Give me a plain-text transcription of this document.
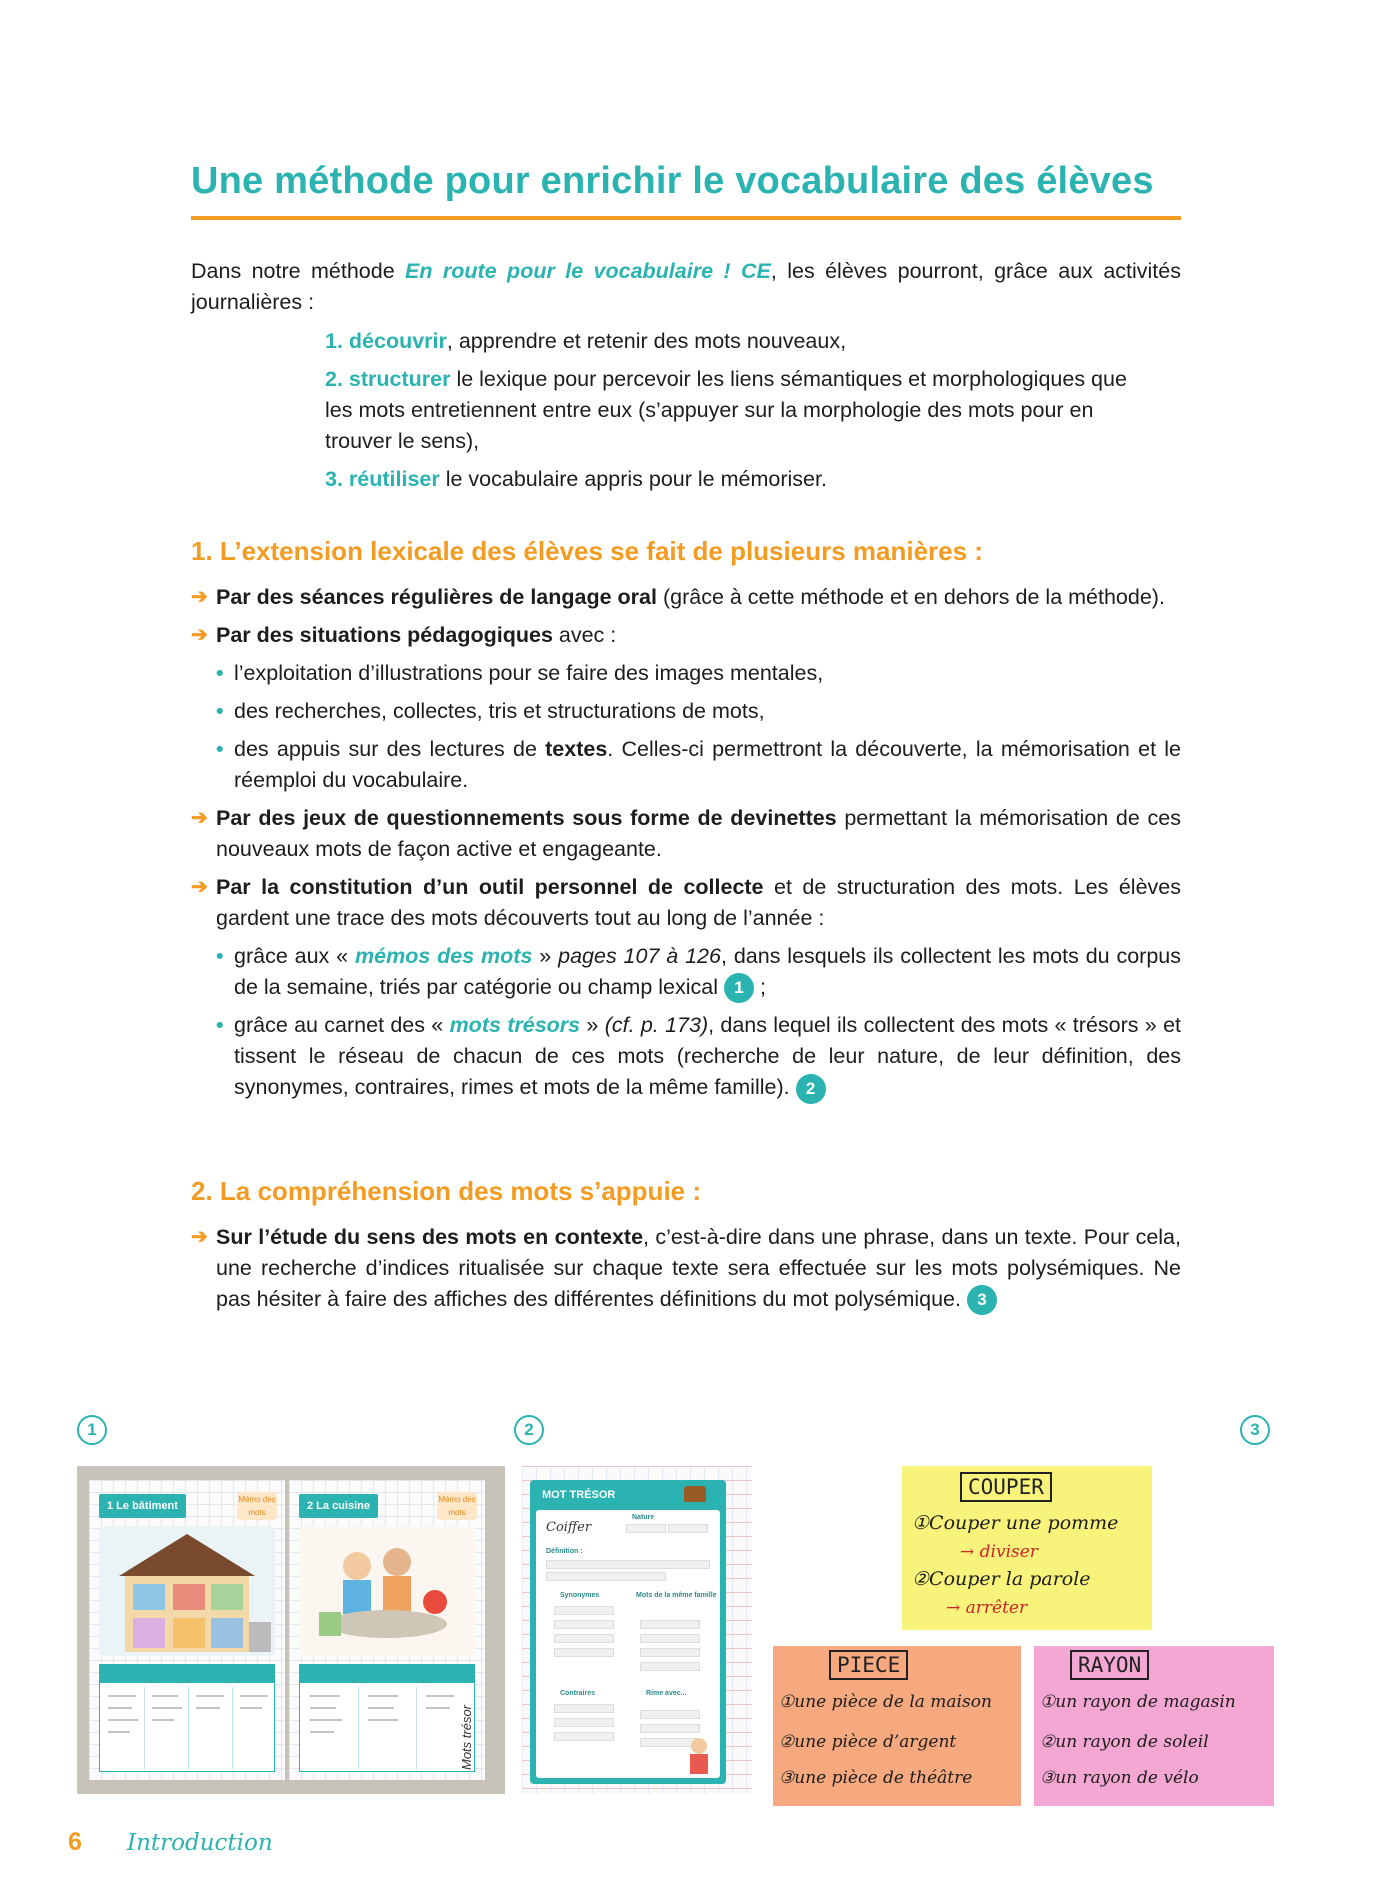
Une méthode pour enrichir le vocabulaire des élèves

Dans notre méthode En route pour le vocabulaire ! CE, les élèves pourront, grâce aux activités journalières :

1. découvrir, apprendre et retenir des mots nouveaux,

2. structurer le lexique pour percevoir les liens sémantiques et morphologiques que les mots entretiennent entre eux (s’appuyer sur la morphologie des mots pour en trouver le sens),

3. réutiliser le vocabulaire appris pour le mémoriser.

1. L’extension lexicale des élèves se fait de plusieurs manières :
➔ Par des séances régulières de langage oral (grâce à cette méthode et en dehors de la méthode).
➔ Par des situations pédagogiques avec :
• l’exploitation d’illustrations pour se faire des images mentales,
• des recherches, collectes, tris et structurations de mots,
• des appuis sur des lectures de textes. Celles-ci permettront la découverte, la mémorisation et le réemploi du vocabulaire.
➔ Par des jeux de questionnements sous forme de devinettes permettant la mémorisation de ces nouveaux mots de façon active et engageante.
➔ Par la constitution d’un outil personnel de collecte et de structuration des mots. Les élèves gardent une trace des mots découverts tout au long de l’année :
• grâce aux « mémos des mots » pages 107 à 126, dans lesquels ils collectent les mots du corpus de la semaine, triés par catégorie ou champ lexical 1 ;
• grâce au carnet des « mots trésors » (cf. p. 173), dans lequel ils collectent des mots « trésors » et tissent le réseau de chacun de ces mots (recherche de leur nature, de leur définition, des synonymes, contraires, rimes et mots de la même famille). 2
2. La compréhension des mots s’appuie :
➔ Sur l’étude du sens des mots en contexte, c’est-à-dire dans une phrase, dans un texte. Pour cela, une recherche d’indices ritualisée sur chaque texte sera effectuée sur les mots polysémiques. Ne pas hésiter à faire des affiches des différentes définitions du mot polysémique. 3
1	2	3
1 Le bâtiment
Mémo des mots
2 La cuisine
Mémo des mots
Mots trésor
MOT TRÉSOR
Coiffer
Nature
Définition :
Synonymes	Mots de la même famille
Contraires	Rime avec...
COUPER
①Couper une pomme
→ diviser
②Couper la parole
→ arrêter
PIECE
①une pièce de la maison
②une pièce d’argent
③une pièce de théâtre
RAYON
①un rayon de magasin
②un rayon de soleil
③un rayon de vélo
6 Introduction
